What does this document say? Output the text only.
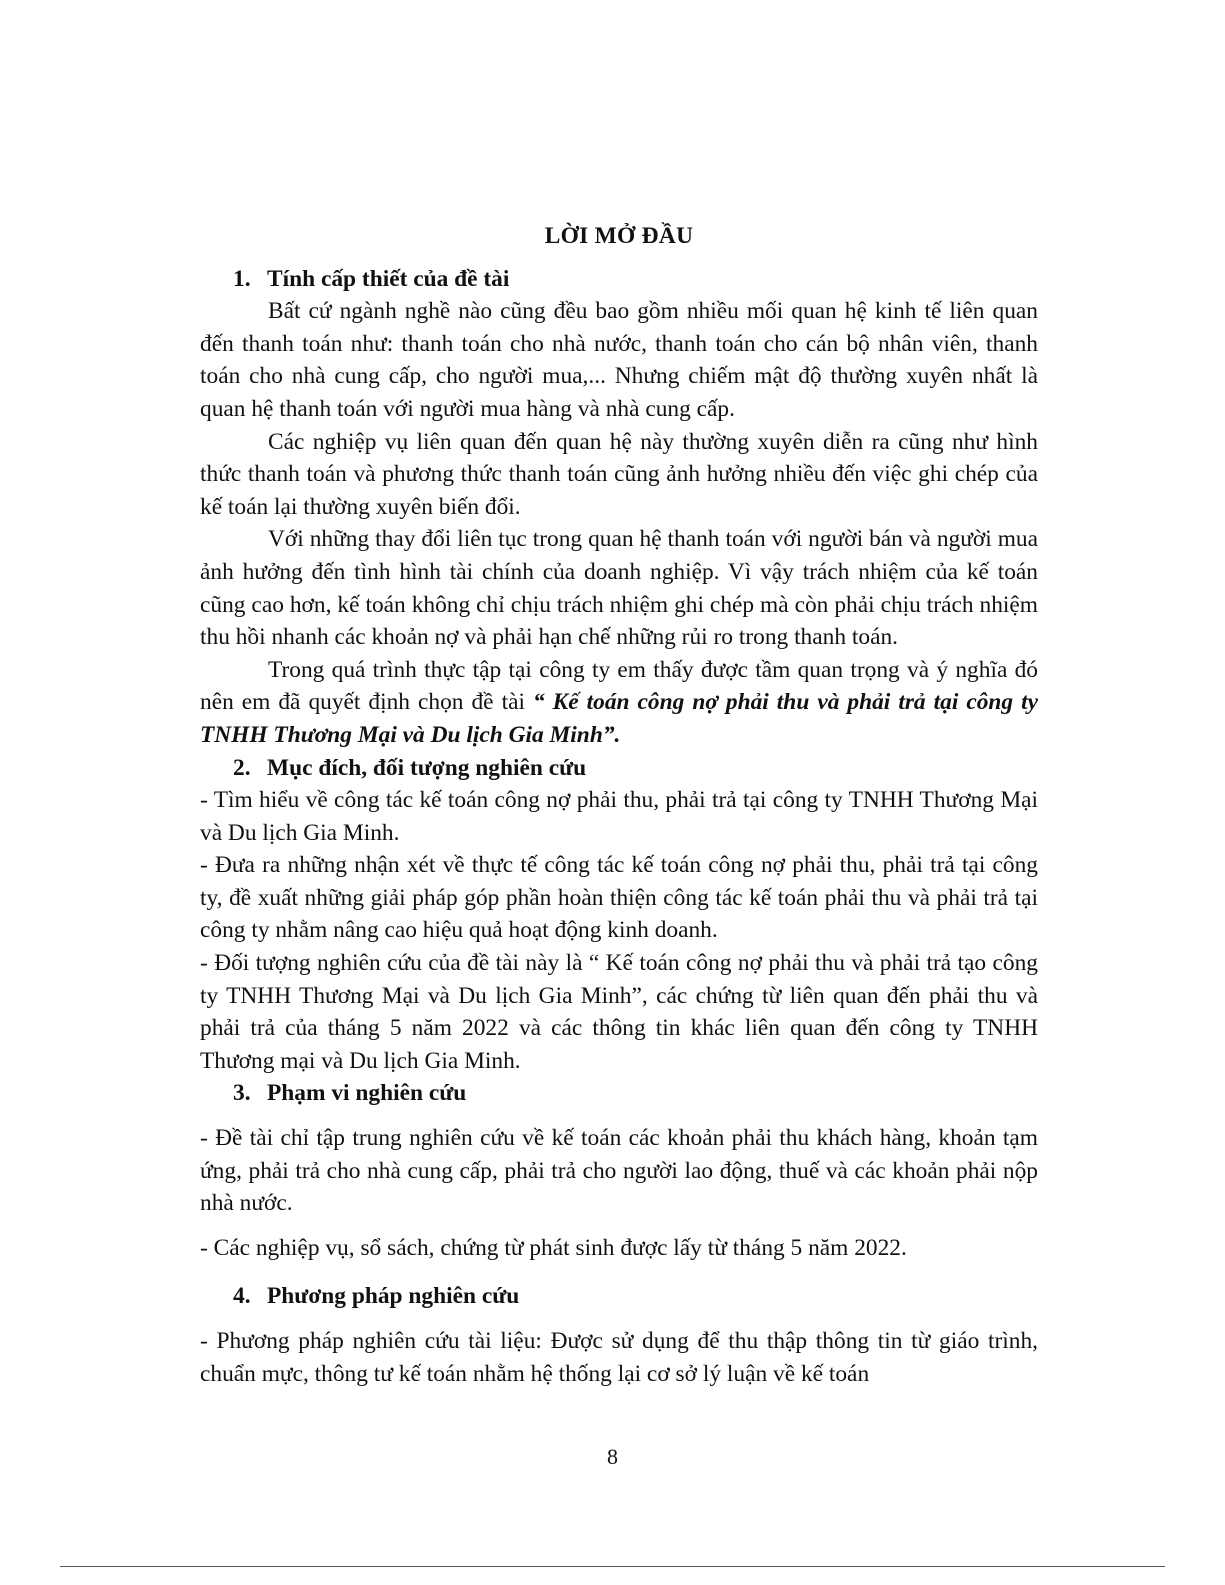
LỜI MỞ ĐẦU

1. Tính cấp thiết của đề tài

Bất cứ ngành nghề nào cũng đều bao gồm nhiều mối quan hệ kinh tế liên quan đến thanh toán như: thanh toán cho nhà nước, thanh toán cho cán bộ nhân viên, thanh toán cho nhà cung cấp, cho người mua,... Nhưng chiếm mật độ thường xuyên nhất là quan hệ thanh toán với người mua hàng và nhà cung cấp.

Các nghiệp vụ liên quan đến quan hệ này thường xuyên diễn ra cũng như hình thức thanh toán và phương thức thanh toán cũng ảnh hưởng nhiều đến việc ghi chép của kế toán lại thường xuyên biến đổi.

Với những thay đổi liên tục trong quan hệ thanh toán với người bán và người mua ảnh hưởng đến tình hình tài chính của doanh nghiệp. Vì vậy trách nhiệm của kế toán cũng cao hơn, kế toán không chỉ chịu trách nhiệm ghi chép mà còn phải chịu trách nhiệm thu hồi nhanh các khoản nợ và phải hạn chế những rủi ro trong thanh toán.

Trong quá trình thực tập tại công ty em thấy được tầm quan trọng và ý nghĩa đó nên em đã quyết định chọn đề tài “ Kế toán công nợ phải thu và phải trả tại công ty TNHH Thương Mại và Du lịch Gia Minh”.

2. Mục đích, đối tượng nghiên cứu

- Tìm hiểu về công tác kế toán công nợ phải thu, phải trả tại công ty TNHH Thương Mại và Du lịch Gia Minh.

- Đưa ra những nhận xét về thực tế công tác kế toán công nợ phải thu, phải trả tại công ty, đề xuất những giải pháp góp phần hoàn thiện công tác kế toán phải thu và phải trả tại công ty nhằm nâng cao hiệu quả hoạt động kinh doanh.

- Đối tượng nghiên cứu của đề tài này là “ Kế toán công nợ phải thu và phải trả tạo công ty TNHH Thương Mại và Du lịch Gia Minh”, các chứng từ liên quan đến phải thu và phải trả của tháng 5 năm 2022 và các thông tin khác liên quan đến công ty TNHH Thương mại và Du lịch Gia Minh.

3. Phạm vi nghiên cứu

- Đề tài chỉ tập trung nghiên cứu về kế toán các khoản phải thu khách hàng, khoản tạm ứng, phải trả cho nhà cung cấp, phải trả cho người lao động, thuế và các khoản phải nộp nhà nước.

- Các nghiệp vụ, sổ sách, chứng từ phát sinh được lấy từ tháng 5 năm 2022.

4. Phương pháp nghiên cứu

- Phương pháp nghiên cứu tài liệu: Được sử dụng để thu thập thông tin từ giáo trình, chuẩn mực, thông tư kế toán nhằm hệ thống lại cơ sở lý luận về kế toán

8
